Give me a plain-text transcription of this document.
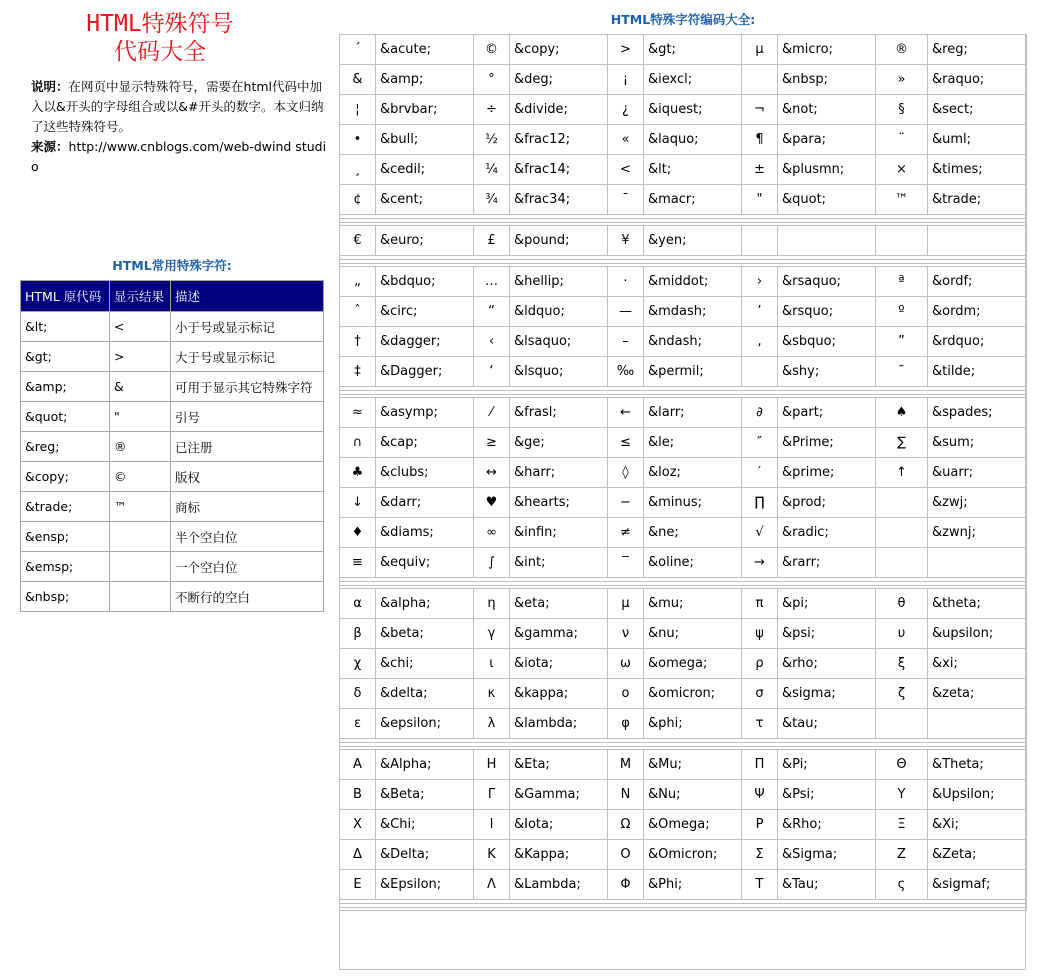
HTML特殊符号
代码大全
说明：在网页中显示特殊符号，需要在html代码中加入以&开头的字母组合或以&#开头的数字。本文归纳了这些特殊符号。
来源：http://www.cnblogs.com/web-dwind studio
HTML常用特殊字符:
HTML 原代码	显示结果	描述
&lt;	<	小于号或显示标记
&gt;	>	大于号或显示标记
&amp;	&	可用于显示其它特殊字符
&quot;	"	引号
&reg;	®	已注册
&copy;	©	版权
&trade;	™	商标
&ensp;		半个空白位
&emsp;		一个空白位
&nbsp;		不断行的空白
HTML特殊字符编码大全:
´	&acute;	©	&copy;	>	&gt;	µ	&micro;	®	&reg;
&	&amp;	°	&deg;	¡	&iexcl;		&nbsp;	»	&raquo;
¦	&brvbar;	÷	&divide;	¿	&iquest;	¬	&not;	§	&sect;
•	&bull;	½	&frac12;	«	&laquo;	¶	&para;	¨	&uml;
¸	&cedil;	¼	&frac14;	<	&lt;	±	&plusmn;	×	&times;
¢	&cent;	¾	&frac34;	¯	&macr;	"	&quot;	™	&trade;

€	&euro;	£	&pound;	¥	&yen;				

„	&bdquo;	…	&hellip;	·	&middot;	›	&rsaquo;	ª	&ordf;
ˆ	&circ;	“	&ldquo;	—	&mdash;	’	&rsquo;	º	&ordm;
†	&dagger;	‹	&lsaquo;	–	&ndash;	‚	&sbquo;	”	&rdquo;
‡	&Dagger;	‘	&lsquo;	‰	&permil;		&shy;	˜	&tilde;

≈	&asymp;	⁄	&frasl;	←	&larr;	∂	&part;	♠	&spades;
∩	&cap;	≥	&ge;	≤	&le;	″	&Prime;	∑	&sum;
♣	&clubs;	↔	&harr;	◊	&loz;	′	&prime;	↑	&uarr;
↓	&darr;	♥	&hearts;	−	&minus;	∏	&prod;		&zwj;
♦	&diams;	∞	&infin;	≠	&ne;	√	&radic;		&zwnj;
≡	&equiv;	∫	&int;	‾	&oline;	→	&rarr;		

α	&alpha;	η	&eta;	μ	&mu;	π	&pi;	θ	&theta;
β	&beta;	γ	&gamma;	ν	&nu;	ψ	&psi;	υ	&upsilon;
χ	&chi;	ι	&iota;	ω	&omega;	ρ	&rho;	ξ	&xi;
δ	&delta;	κ	&kappa;	ο	&omicron;	σ	&sigma;	ζ	&zeta;
ε	&epsilon;	λ	&lambda;	φ	&phi;	τ	&tau;		

Α	&Alpha;	Η	&Eta;	Μ	&Mu;	Π	&Pi;	Θ	&Theta;
Β	&Beta;	Γ	&Gamma;	Ν	&Nu;	Ψ	&Psi;	Υ	&Upsilon;
Χ	&Chi;	Ι	&Iota;	Ω	&Omega;	Ρ	&Rho;	Ξ	&Xi;
Δ	&Delta;	Κ	&Kappa;	Ο	&Omicron;	Σ	&Sigma;	Ζ	&Zeta;
Ε	&Epsilon;	Λ	&Lambda;	Φ	&Phi;	Τ	&Tau;	ς	&sigmaf;
